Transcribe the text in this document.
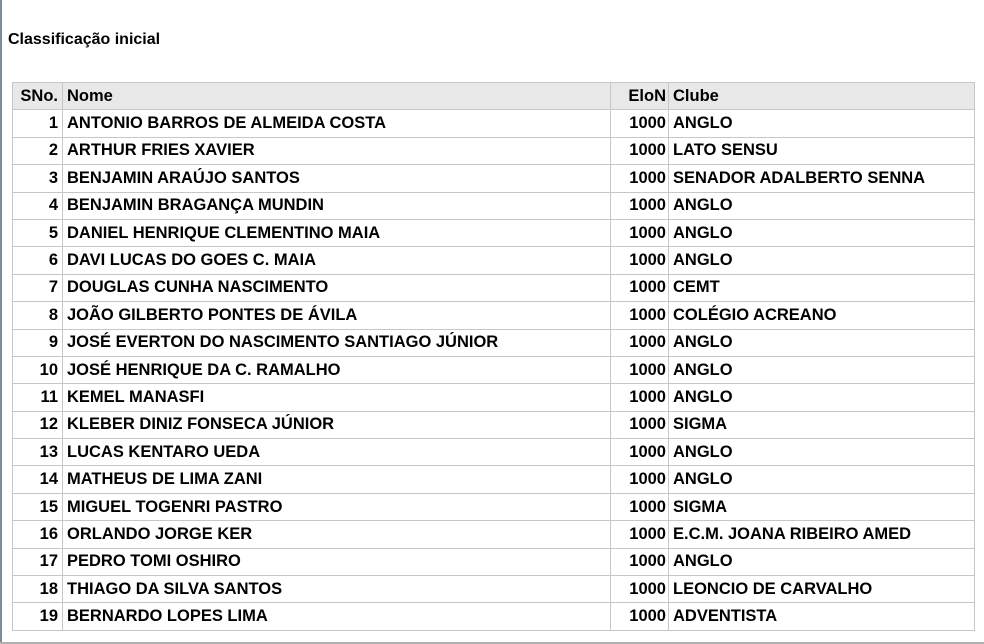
Classificação inicial
SNo.	Nome	EloN	Clube
1	ANTONIO BARROS DE ALMEIDA COSTA	1000	ANGLO
2	ARTHUR FRIES XAVIER	1000	LATO SENSU
3	BENJAMIN ARAÚJO SANTOS	1000	SENADOR ADALBERTO SENNA
4	BENJAMIN BRAGANÇA MUNDIN	1000	ANGLO
5	DANIEL HENRIQUE CLEMENTINO MAIA	1000	ANGLO
6	DAVI LUCAS DO GOES C. MAIA	1000	ANGLO
7	DOUGLAS CUNHA NASCIMENTO	1000	CEMT
8	JOÃO GILBERTO PONTES DE ÁVILA	1000	COLÉGIO ACREANO
9	JOSÉ EVERTON DO NASCIMENTO SANTIAGO JÚNIOR	1000	ANGLO
10	JOSÉ HENRIQUE DA C. RAMALHO	1000	ANGLO
11	KEMEL MANASFI	1000	ANGLO
12	KLEBER DINIZ FONSECA JÚNIOR	1000	SIGMA
13	LUCAS KENTARO UEDA	1000	ANGLO
14	MATHEUS DE LIMA ZANI	1000	ANGLO
15	MIGUEL TOGENRI PASTRO	1000	SIGMA
16	ORLANDO JORGE KER	1000	E.C.M. JOANA RIBEIRO AMED
17	PEDRO TOMI OSHIRO	1000	ANGLO
18	THIAGO DA SILVA SANTOS	1000	LEONCIO DE CARVALHO
19	BERNARDO LOPES LIMA	1000	ADVENTISTA
